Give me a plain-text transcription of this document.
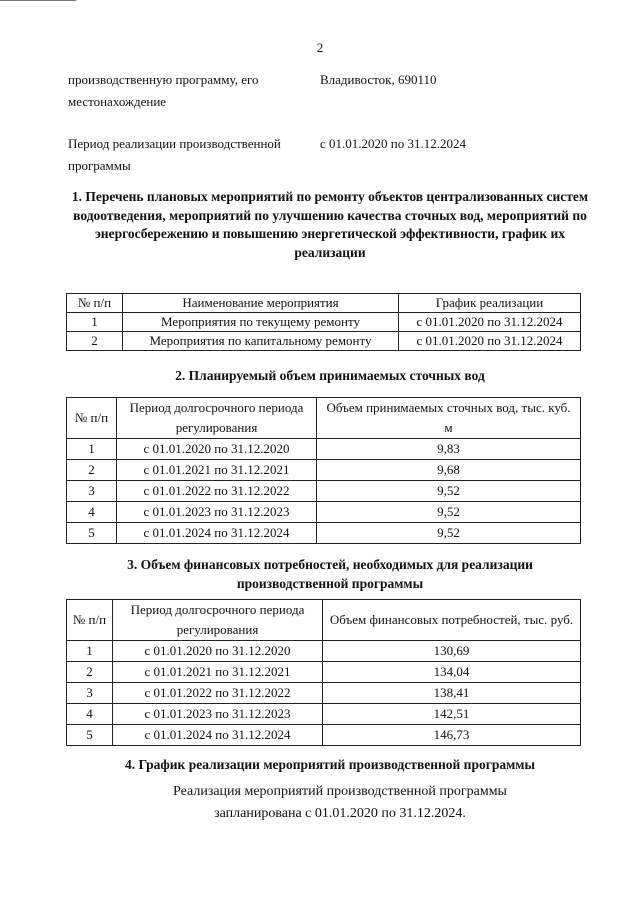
2
производственную программу, его местонахождение
Владивосток, 690110
Период реализации производственной программы
с 01.01.2020 по 31.12.2024
1. Перечень плановых мероприятий по ремонту объектов централизованных систем водоотведения, мероприятий по улучшению качества сточных вод, мероприятий по энергосбережению и повышению энергетической эффективности, график их реализации
№ п/п	Наименование мероприятия	График реализации
1	Мероприятия по текущему ремонту	с 01.01.2020 по 31.12.2024
2	Мероприятия по капитальному ремонту	с 01.01.2020 по 31.12.2024
2. Планируемый объем принимаемых сточных вод
№ п/п	Период долгосрочного периода регулирования	Объем принимаемых сточных вод, тыс. куб. м
1	с 01.01.2020 по 31.12.2020	9,83
2	с 01.01.2021 по 31.12.2021	9,68
3	с 01.01.2022 по 31.12.2022	9,52
4	с 01.01.2023 по 31.12.2023	9,52
5	с 01.01.2024 по 31.12.2024	9,52
3. Объем финансовых потребностей, необходимых для реализации производственной программы
№ п/п	Период долгосрочного периода регулирования	Объем финансовых потребностей, тыс. руб.
1	с 01.01.2020 по 31.12.2020	130,69
2	с 01.01.2021 по 31.12.2021	134,04
3	с 01.01.2022 по 31.12.2022	138,41
4	с 01.01.2023 по 31.12.2023	142,51
5	с 01.01.2024 по 31.12.2024	146,73
4. График реализации мероприятий производственной программы
Реализация мероприятий производственной программы запланирована с 01.01.2020 по 31.12.2024.
